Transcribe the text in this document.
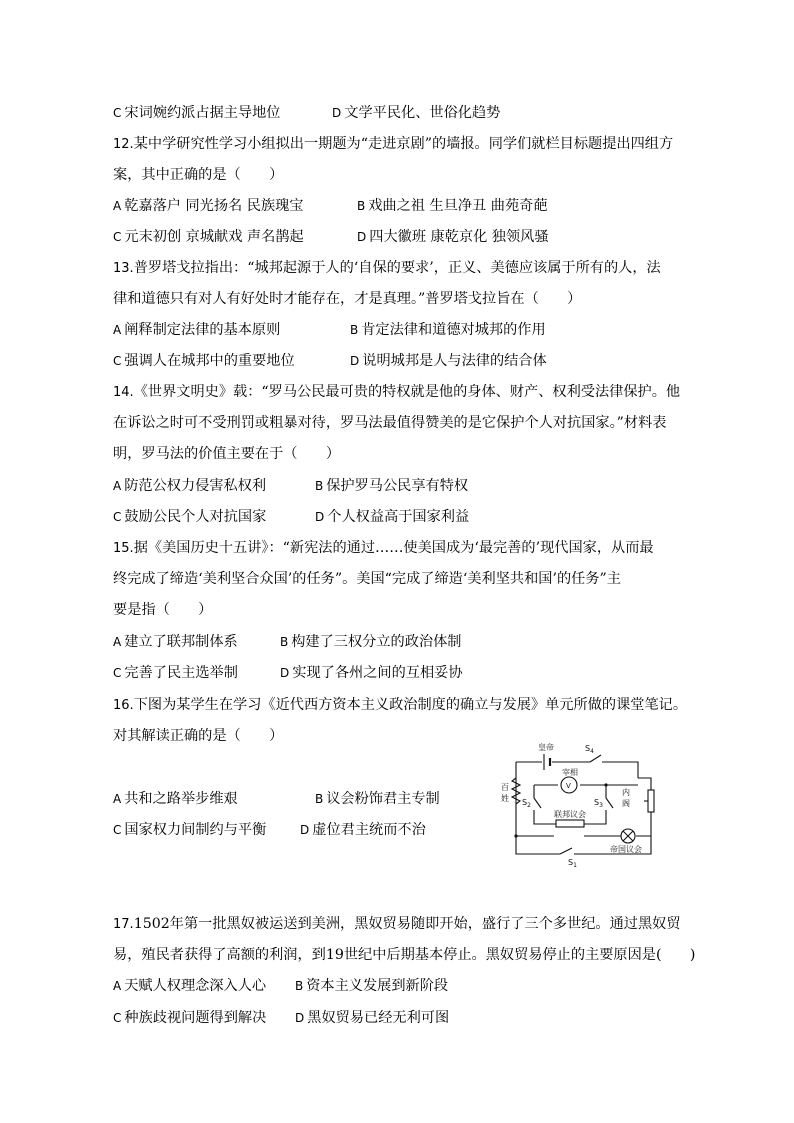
C 宋词婉约派占据主导地位	D 文学平民化、世俗化趋势
12.某中学研究性学习小组拟出一期题为“走进京剧”的墙报。同学们就栏目标题提出四组方
案，其中正确的是（　　）
A 乾嘉落户 同光扬名 民族瑰宝	B 戏曲之祖 生旦净丑 曲苑奇葩
C 元末初创 京城献戏 声名鹊起	D 四大徽班 康乾京化 独领风骚
13.普罗塔戈拉指出：“城邦起源于人的‘自保的要求’，正义、美德应该属于所有的人，法
律和道德只有对人有好处时才能存在，才是真理。”普罗塔戈拉旨在（　　）
A 阐释制定法律的基本原则	B 肯定法律和道德对城邦的作用
C 强调人在城邦中的重要地位	D 说明城邦是人与法律的结合体
14.《世界文明史》载：“罗马公民最可贵的特权就是他的身体、财产、权利受法律保护。他
在诉讼之时可不受刑罚或粗暴对待，罗马法最值得赞美的是它保护个人对抗国家。”材料表
明，罗马法的价值主要在于（　　）
A 防范公权力侵害私权利	B 保护罗马公民享有特权
C 鼓励公民个人对抗国家	D 个人权益高于国家利益
15.据《美国历史十五讲》：“新宪法的通过……使美国成为‘最完善的’现代国家，从而最
终完成了缔造‘美利坚合众国’的任务”。美国“完成了缔造‘美利坚共和国’的任务”主
要是指（　　）
A 建立了联邦制体系	B 构建了三权分立的政治体制
C 完善了民主选举制	D 实现了各州之间的互相妥协
16.下图为某学生在学习《近代西方资本主义政治制度的确立与发展》单元所做的课堂笔记。
对其解读正确的是（　　）
A 共和之路举步维艰	B 议会粉饰君主专制
C 国家权力间制约与平衡	D 虚位君主统而不治
皇帝
宰相
V
$S_4$
百
姓 $S_2$	$S_3$
内
阁
联邦议会
帝国议会
$S_1$
17.1502年第一批黑奴被运送到美洲，黑奴贸易随即开始，盛行了三个多世纪。通过黑奴贸
易，殖民者获得了高额的利润，到19世纪中后期基本停止。黑奴贸易停止的主要原因是(　　)
A 天赋人权理念深入人心 B 资本主义发展到新阶段
C 种族歧视问题得到解决 D 黑奴贸易已经无利可图
